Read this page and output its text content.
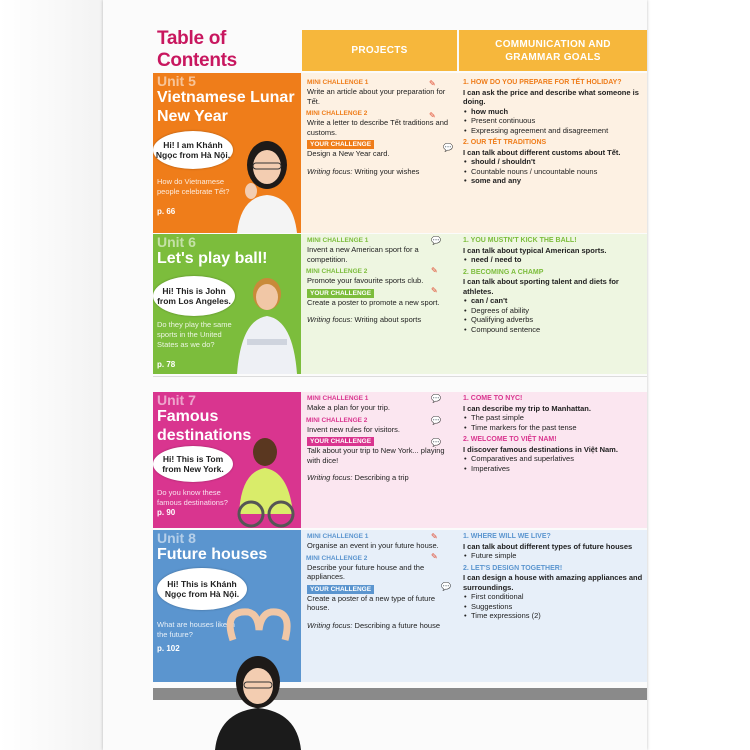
Table of
Contents	PROJECTS
COMMUNICATION AND
GRAMMAR GOALS
Unit 5
Vietnamese Lunar New Year
Hi! I am Khánh Ngọc from Hà Nội.
How do Vietnamese people celebrate Tết?
p. 66
MINI CHALLENGE 1
Write an article about your preparation for Tết.
MINI CHALLENGE 2
Write a letter to describe Tết traditions and customs.
YOUR CHALLENGE
Design a New Year card.
Writing focus: Writing your wishes
✎
✎
💬
1. HOW DO YOU PREPARE FOR TẾT HOLIDAY?
I can ask the price and describe what someone is doing.
• how much
• Present continuous
• Expressing agreement and disagreement
2. OUR TẾT TRADITIONS
I can talk about different customs about Tết.
• should / shouldn't
• Countable nouns / uncountable nouns
• some and any
Unit 6
Let's play ball!
Hi! This is John from Los Angeles.
Do they play the same sports in the United States as we do?
p. 78
MINI CHALLENGE 1
Invent a new American sport for a competition.
MINI CHALLENGE 2
Promote your favourite sports club.
YOUR CHALLENGE
Create a poster to promote a new sport.
Writing focus: Writing about sports
💬
✎
✎
1. YOU MUSTN'T KICK THE BALL!
I can talk about typical American sports.
• need / need to
2. BECOMING A CHAMP
I can talk about sporting talent and diets for athletes.
• can / can't
• Degrees of ability
• Qualifying adverbs
• Compound sentence
Unit 7
Famous destinations
Hi! This is Tom from New York.
Do you know these famous destinations?
p. 90
MINI CHALLENGE 1
Make a plan for your trip.
MINI CHALLENGE 2
Invent new rules for visitors.
YOUR CHALLENGE
Talk about your trip to New York... playing with dice!
Writing focus: Describing a trip
💬
💬
💬
1. COME TO NYC!
I can describe my trip to Manhattan.
• The past simple
• Time markers for the past tense
2. WELCOME TO VIỆT NAM!
I discover famous destinations in Việt Nam.
• Comparatives and superlatives
• Imperatives
Unit 8
Future houses
Hi! This is Khánh Ngọc from Hà Nội.
What are houses like in the future?
p. 102
MINI CHALLENGE 1
Organise an event in your future house.
MINI CHALLENGE 2
Describe your future house and the appliances.
YOUR CHALLENGE
Create a poster of a new type of future house.
Writing focus: Describing a future house
✎
✎
💬
1. WHERE WILL WE LIVE?
I can talk about different types of future houses
• Future simple
2. LET'S DESIGN TOGETHER!
I can design a house with amazing appliances and surroundings.
• First conditional
• Suggestions
• Time expressions (2)
